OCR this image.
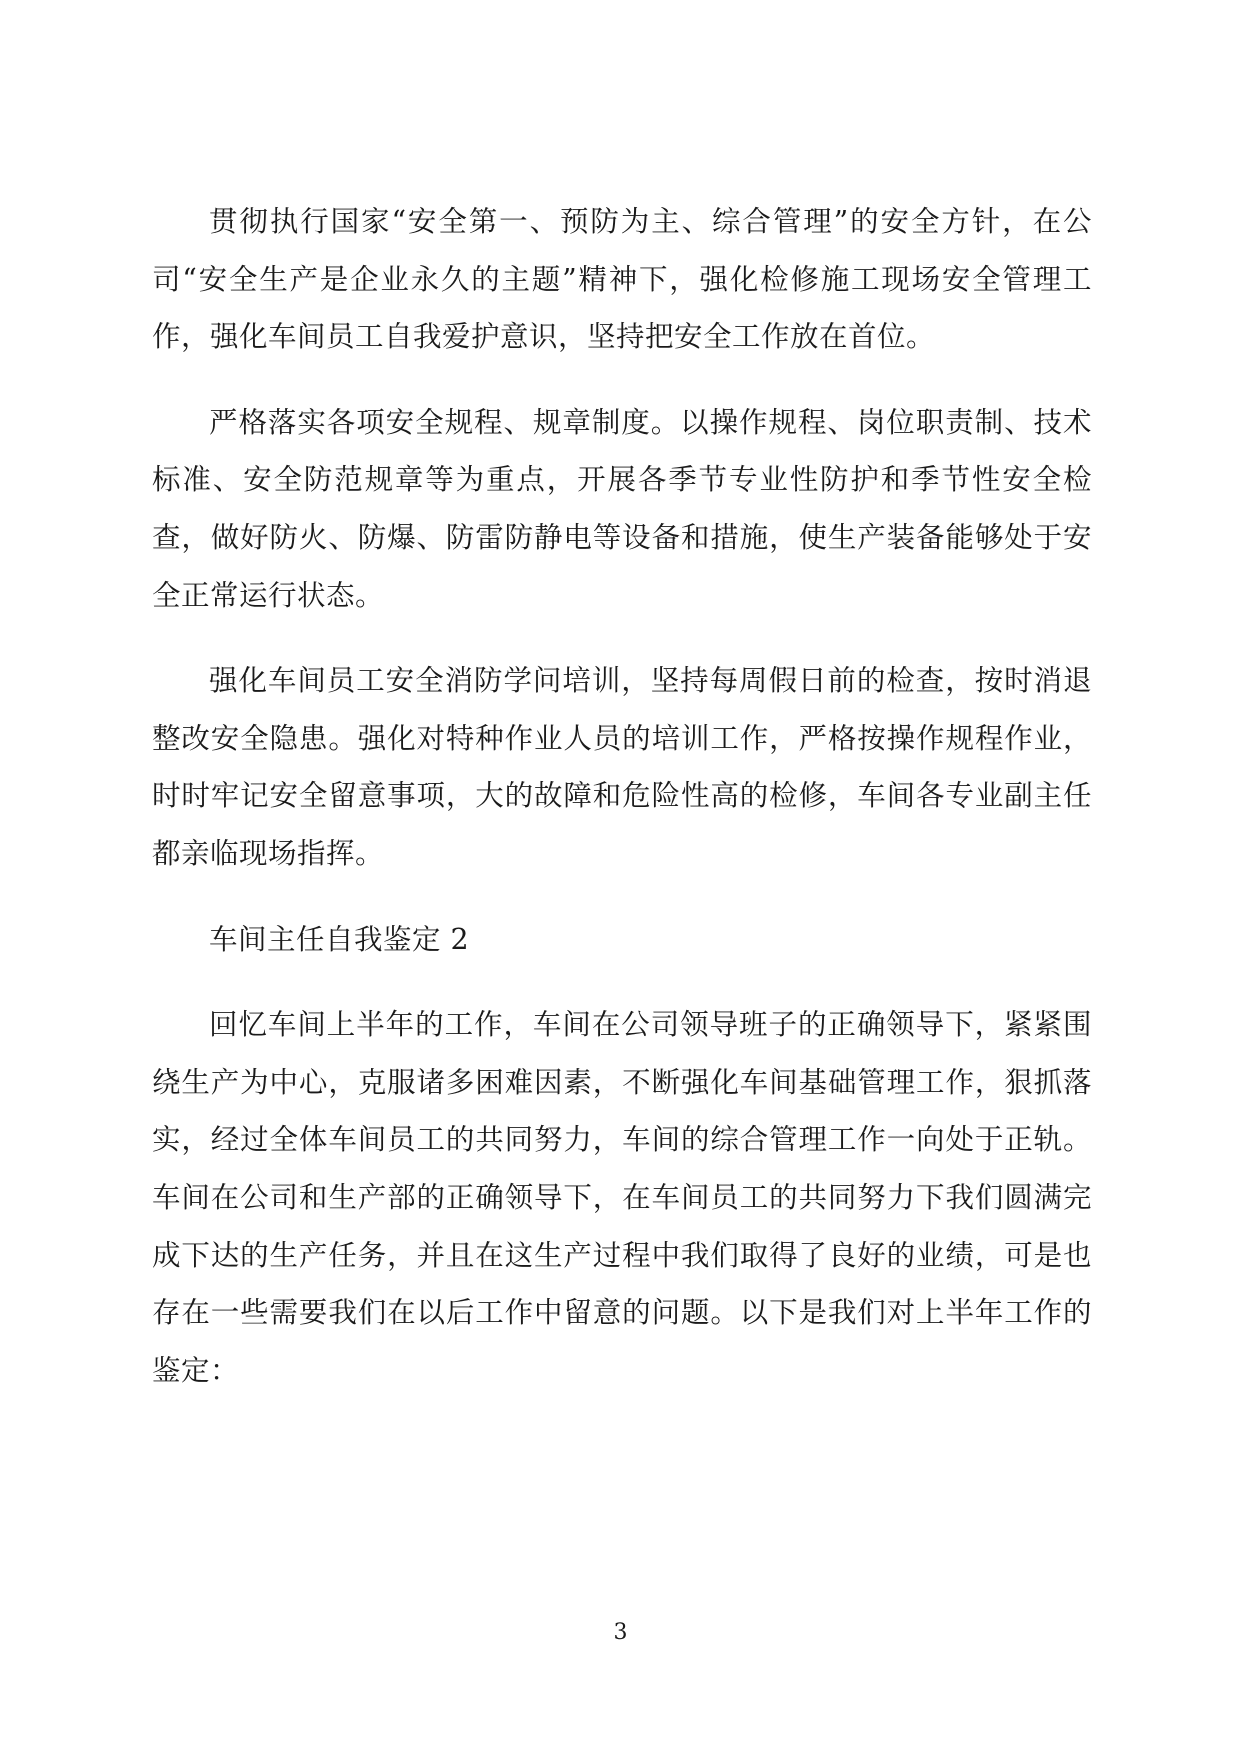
贯彻执行国家“安全第一、预防为主、综合管理”的安全方针，在公司“安全生产是企业永久的主题”精神下，强化检修施工现场安全管理工作，强化车间员工自我爱护意识，坚持把安全工作放在首位。

严格落实各项安全规程、规章制度。以操作规程、岗位职责制、技术标准、安全防范规章等为重点，开展各季节专业性防护和季节性安全检查，做好防火、防爆、防雷防静电等设备和措施，使生产装备能够处于安全正常运行状态。

强化车间员工安全消防学问培训，坚持每周假日前的检查，按时消退整改安全隐患。强化对特种作业人员的培训工作，严格按操作规程作业，时时牢记安全留意事项，大的故障和危险性高的检修，车间各专业副主任都亲临现场指挥。

车间主任自我鉴定 2

回忆车间上半年的工作，车间在公司领导班子的正确领导下，紧紧围绕生产为中心，克服诸多困难因素，不断强化车间基础管理工作，狠抓落实，经过全体车间员工的共同努力，车间的综合管理工作一向处于正轨。车间在公司和生产部的正确领导下，在车间员工的共同努力下我们圆满完成下达的生产任务，并且在这生产过程中我们取得了良好的业绩，可是也存在一些需要我们在以后工作中留意的问题。以下是我们对上半年工作的鉴定：

3
